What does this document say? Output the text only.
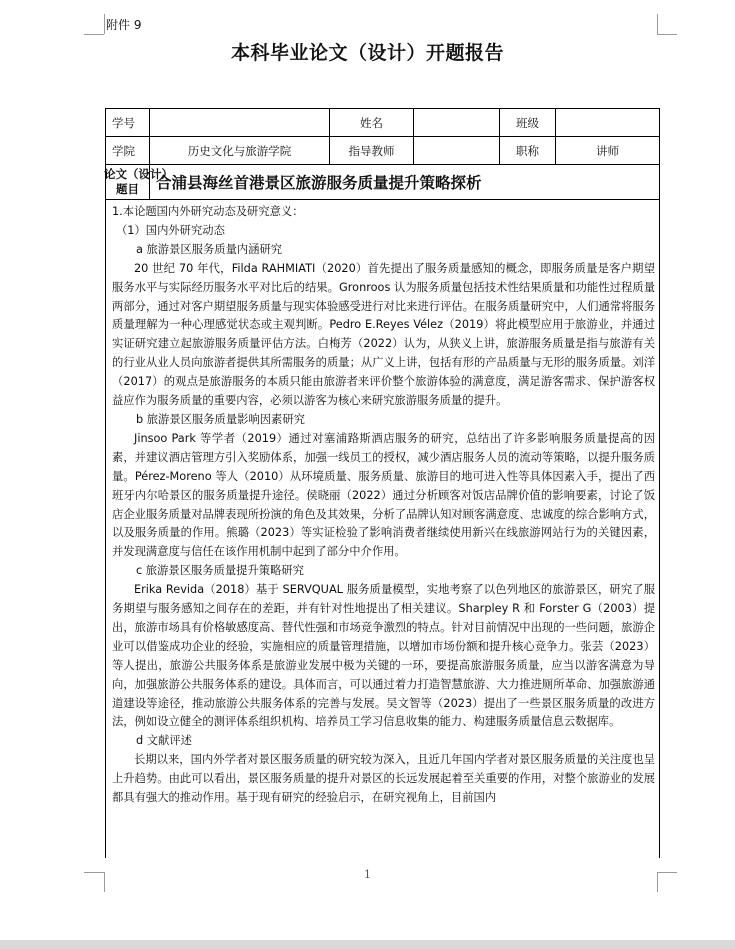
附件 9
本科毕业论文（设计）开题报告
学号		姓名		班级	
学院	历史文化与旅游学院	指导教师		职称	讲师

论文（设计）
题目	合浦县海丝首港景区旅游服务质量提升策略探析				

1.本论题国内外研究动态及研究意义：

（1）国内外研究动态

a 旅游景区服务质量内涵研究

20 世纪 70 年代，Filda RAHMIATI（2020）首先提出了服务质量感知的概念，即服务质量是客户期望服务水平与实际经历服务水平对比后的结果。Gronroos 认为服务质量包括技术性结果质量和功能性过程质量两部分，通过对客户期望服务质量与现实体验感受进行对比来进行评估。在服务质量研究中，人们通常将服务质量理解为一种心理感觉状态或主观判断。Pedro E.Reyes Vélez（2019）将此模型应用于旅游业，并通过实证研究建立起旅游服务质量评估方法。白梅芳（2022）认为，从狭义上讲，旅游服务质量是指与旅游有关的行业从业人员向旅游者提供其所需服务的质量；从广义上讲，包括有形的产品质量与无形的服务质量。刘洋（2017）的观点是旅游服务的本质只能由旅游者来评价整个旅游体验的满意度，满足游客需求、保护游客权益应作为服务质量的重要内容，必须以游客为核心来研究旅游服务质量的提升。

b 旅游景区服务质量影响因素研究

Jinsoo Park 等学者（2019）通过对塞浦路斯酒店服务的研究，总结出了许多影响服务质量提高的因素，并建议酒店管理方引入奖励体系，加强一线员工的授权，减少酒店服务人员的流动等策略，以提升服务质量。Pérez-Moreno 等人（2010）从环境质量、服务质量、旅游目的地可进入性等具体因素入手，提出了西班牙内尔哈景区的服务质量提升途径。侯晓丽（2022）通过分析顾客对饭店品牌价值的影响要素，讨论了饭店企业服务质量对品牌表现所扮演的角色及其效果，分析了品牌认知对顾客满意度、忠诚度的综合影响方式，以及服务质量的作用。熊璐（2023）等实证检验了影响消费者继续使用新兴在线旅游网站行为的关键因素，并发现满意度与信任在该作用机制中起到了部分中介作用。

c 旅游景区服务质量提升策略研究

Erika Revida（2018）基于 SERVQUAL 服务质量模型，实地考察了以色列地区的旅游景区，研究了服务期望与服务感知之间存在的差距，并有针对性地提出了相关建议。Sharpley R 和 Forster G（2003）提出，旅游市场具有价格敏感度高、替代性强和市场竞争激烈的特点。针对目前情况中出现的一些问题，旅游企业可以借鉴成功企业的经验，实施相应的质量管理措施，以增加市场份额和提升核心竞争力。张芸（2023）等人提出，旅游公共服务体系是旅游业发展中极为关键的一环，要提高旅游服务质量，应当以游客满意为导向，加强旅游公共服务体系的建设。具体而言，可以通过着力打造智慧旅游、大力推进厕所革命、加强旅游通道建设等途径，推动旅游公共服务体系的完善与发展。吴文智等（2023）提出了一些景区服务质量的改进方法，例如设立健全的测评体系组织机构、培养员工学习信息收集的能力、构建服务质量信息云数据库。

d 文献评述

长期以来，国内外学者对景区服务质量的研究较为深入，且近几年国内学者对景区服务质量的关注度也呈上升趋势。由此可以看出，景区服务质量的提升对景区的长远发展起着至关重要的作用，对整个旅游业的发展都具有强大的推动作用。基于现有研究的经验启示，在研究视角上，目前国内

1
